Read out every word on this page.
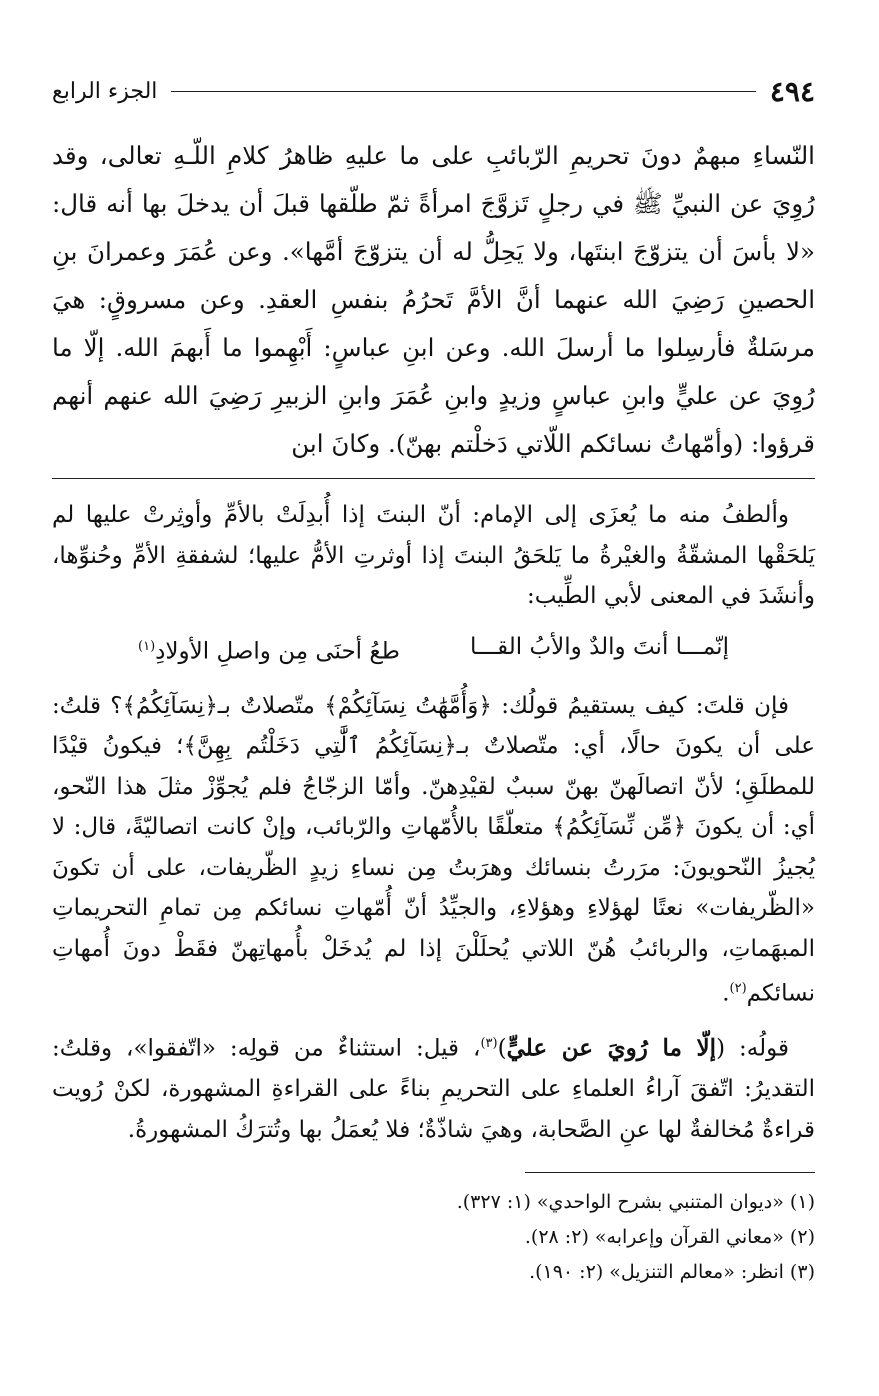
٤٩٤
الجزء الرابع

النّساءِ مبهمٌ دونَ تحريمِ الرّبائبِ على ما عليهِ ظاهرُ كلامِ اللّـهِ تعالى، وقد رُوِيَ عن النبيِّ ﷺ في رجلٍ تَزوَّجَ امرأةً ثمّ طلّقها قبلَ أن يدخلَ بها أنه قال: «لا بأسَ أن يتزوّجَ ابنتَها، ولا يَحِلُّ له أن يتزوّجَ أمَّها». وعن عُمَرَ وعمرانَ بنِ الحصينِ رَضِيَ الله عنهما أنَّ الأمَّ تَحرُمُ بنفسِ العقدِ. وعن مسروقٍ: هيَ مرسَلةٌ فأرسِلوا ما أرسلَ الله. وعن ابنِ عباسٍ: أَبْهِموا ما أَبهمَ الله. إلّا ما رُوِيَ عن عليٍّ وابنِ عباسٍ وزيدٍ وابنِ عُمَرَ وابنِ الزبيرِ رَضِيَ الله عنهم أنهم قرؤوا: (وأمّهاتُ نسائكم اللّاتي دَخلْتم بهنّ). وكانَ ابن

وألطفُ منه ما يُعزَى إلى الإمام: أنّ البنتَ إذا أُبدِلَتْ بالأمِّ وأوثِرتْ عليها لم يَلحَقْها المشقّةُ والغيْرةُ ما يَلحَقُ البنتَ إذا أوثرتِ الأمُّ عليها؛ لشفقةِ الأمِّ وحُنوِّها، وأنشَدَ في المعنى لأبي الطِّيب:

إنّمـــا أنتَ والدٌ والأبُ القـــا
طعُ أحنَى مِن واصلِ الأولادِ$^{(١)}$

فإن قلتَ: كيف يستقيمُ قولُك: ﴿وَأُمَّهَٰتُ نِسَآئِكُمْ﴾ متّصلاتٌ بـ﴿نِسَآئِكُمُ﴾؟ قلتُ: على أن يكونَ حالًا، أي: متّصلاتٌ بـ﴿نِسَآئِكُمُ ٱلَّٰتِي دَخَلْتُم بِهِنَّ﴾؛ فيكونُ قيْدًا للمطلَقِ؛ لأنّ اتصالَهنّ بهنّ سببٌ لقيْدِهنّ. وأمّا الزجّاجُ فلم يُجوِّزْ مثلَ هذا النّحو، أي: أن يكونَ ﴿مِّن نِّسَآئِكُمُ﴾ متعلّقًا بالأُمّهاتِ والرّبائب، وإنْ كانت اتصاليّةً، قال: لا يُجيزُ النّحويونَ: مرَرتُ بنسائك وهرَبتُ مِن نساءِ زيدٍ الظّريفات، على أن تكونَ «الظّريفات» نعتًا لهؤلاءِ وهؤلاءِ، والجيِّدُ أنّ أُمّهاتِ نسائكم مِن تمامِ التحريماتِ المبهَماتِ، والربائبُ هُنّ اللاتي يُحلَلْنَ إذا لم يُدخَلْ بأُمهاتِهنّ فقَطْ دونَ أُمهاتِ نسائكم$^{(٢)}$.

قولُه: (إلّا ما رُويَ عن عليٍّ)$^{(٣)}$، قيل: استثناءٌ من قولِه: «اتّفقوا»، وقلتُ: التقديرُ: اتّفقَ آراءُ العلماءِ على التحريمِ بناءً على القراءةِ المشهورة، لكنْ رُويت قراءةٌ مُخالفةٌ لها عنِ الصَّحابة، وهيَ شاذّةٌ؛ فلا يُعمَلُ بها وتُترَكُ المشهورةُ.

(١) «ديوان المتنبي بشرح الواحدي» (١: ٣٢٧).
(٢) «معاني القرآن وإعرابه» (٢: ٢٨).
(٣) انظر: «معالم التنزيل» (٢: ١٩٠).
